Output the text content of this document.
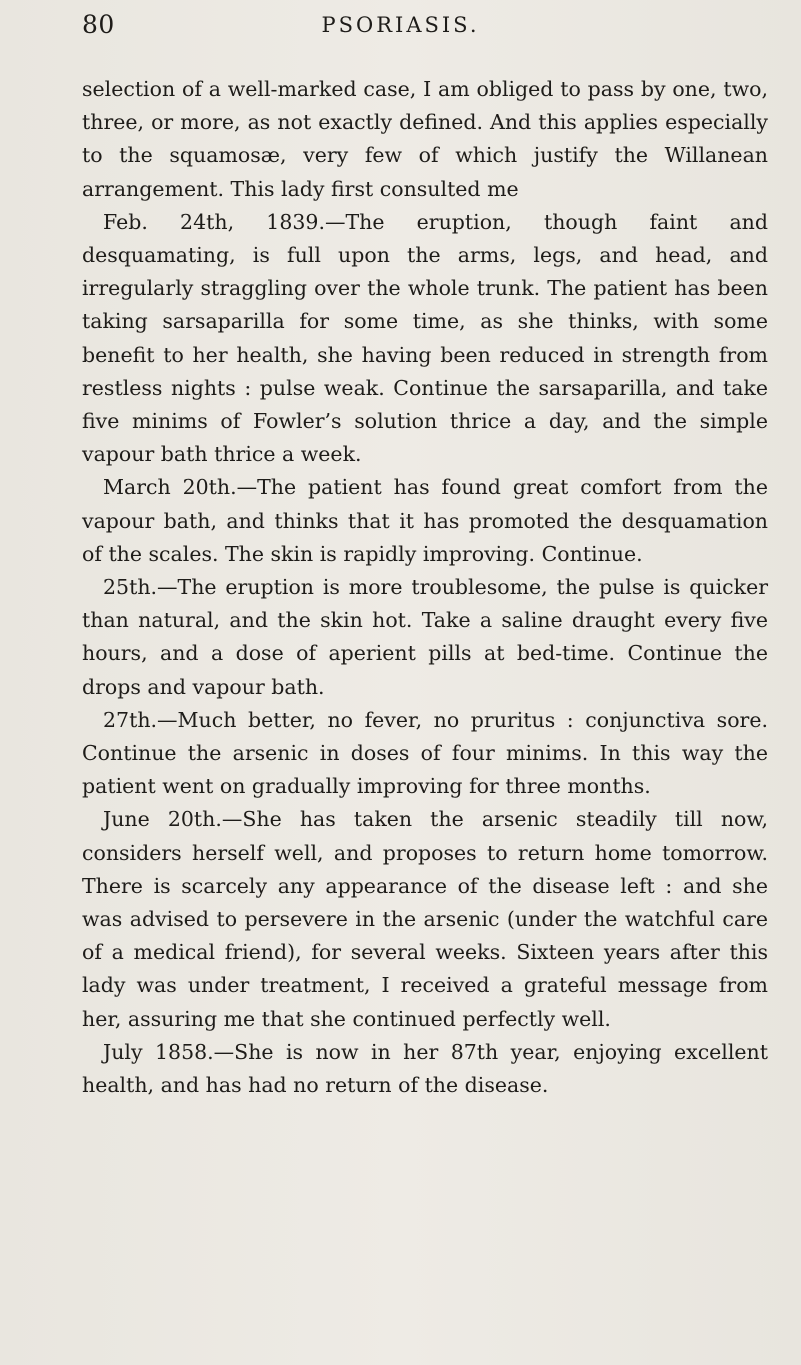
80	PSORIASIS.

selection of a well-marked case, I am obliged to pass by one, two, three, or more, as not exactly defined. And this applies especially to the squamosæ, very few of which justify the Willanean arrangement. This lady first consulted me

Feb. 24th, 1839.—The eruption, though faint and desquamating, is full upon the arms, legs, and head, and irregularly straggling over the whole trunk. The patient has been taking sarsaparilla for some time, as she thinks, with some benefit to her health, she having been reduced in strength from restless nights : pulse weak. Continue the sarsaparilla, and take five minims of Fowler’s solution thrice a day, and the simple vapour bath thrice a week.

March 20th.—The patient has found great comfort from the vapour bath, and thinks that it has promoted the desquamation of the scales. The skin is rapidly improving. Continue.

25th.—The eruption is more troublesome, the pulse is quicker than natural, and the skin hot. Take a saline draught every five hours, and a dose of aperient pills at bed-time. Continue the drops and vapour bath.

27th.—Much better, no fever, no pruritus : conjunctiva sore. Continue the arsenic in doses of four minims. In this way the patient went on gradually improving for three months.

June 20th.—She has taken the arsenic steadily till now, considers herself well, and proposes to return home tomorrow. There is scarcely any appearance of the disease left : and she was advised to persevere in the arsenic (under the watchful care of a medical friend), for several weeks. Sixteen years after this lady was under treatment, I received a grateful message from her, assuring me that she continued perfectly well.

July 1858.—She is now in her 87th year, enjoying excellent health, and has had no return of the disease.
